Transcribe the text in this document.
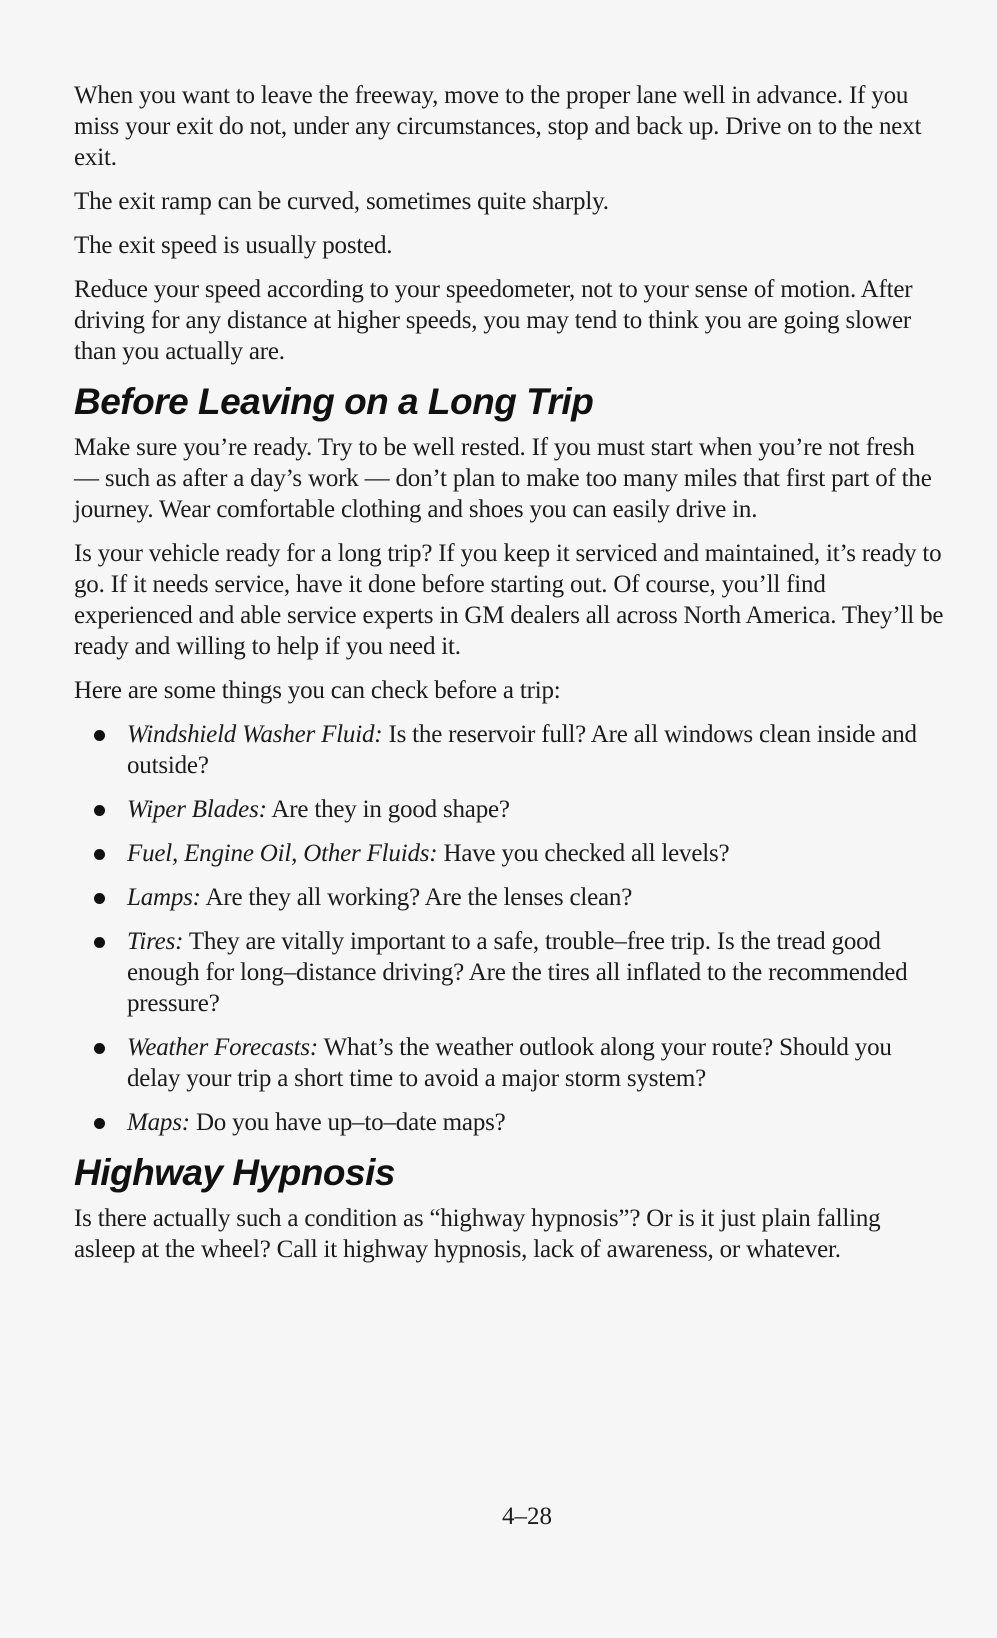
When you want to leave the freeway, move to the proper lane well in advance. If you miss your exit do not, under any circumstances, stop and back up. Drive on to the next exit.

The exit ramp can be curved, sometimes quite sharply.

The exit speed is usually posted.

Reduce your speed according to your speedometer, not to your sense of motion. After driving for any distance at higher speeds, you may tend to think you are going slower than you actually are.

Before Leaving on a Long Trip

Make sure you’re ready. Try to be well rested. If you must start when you’re not fresh — such as after a day’s work — don’t plan to make too many miles that first part of the journey. Wear comfortable clothing and shoes you can easily drive in.

Is your vehicle ready for a long trip? If you keep it serviced and maintained, it’s ready to go. If it needs service, have it done before starting out. Of course, you’ll find experienced and able service experts in GM dealers all across North America. They’ll be ready and willing to help if you need it.

Here are some things you can check before a trip:

Windshield Washer Fluid: Is the reservoir full? Are all windows clean inside and outside?
Wiper Blades: Are they in good shape?
Fuel, Engine Oil, Other Fluids: Have you checked all levels?
Lamps: Are they all working? Are the lenses clean?
Tires: They are vitally important to a safe, trouble–free trip. Is the tread good enough for long–distance driving? Are the tires all inflated to the recommended pressure?
Weather Forecasts: What’s the weather outlook along your route? Should you delay your trip a short time to avoid a major storm system?
Maps: Do you have up–to–date maps?
Highway Hypnosis

Is there actually such a condition as “highway hypnosis”? Or is it just plain falling asleep at the wheel? Call it highway hypnosis, lack of awareness, or whatever.

4–28
